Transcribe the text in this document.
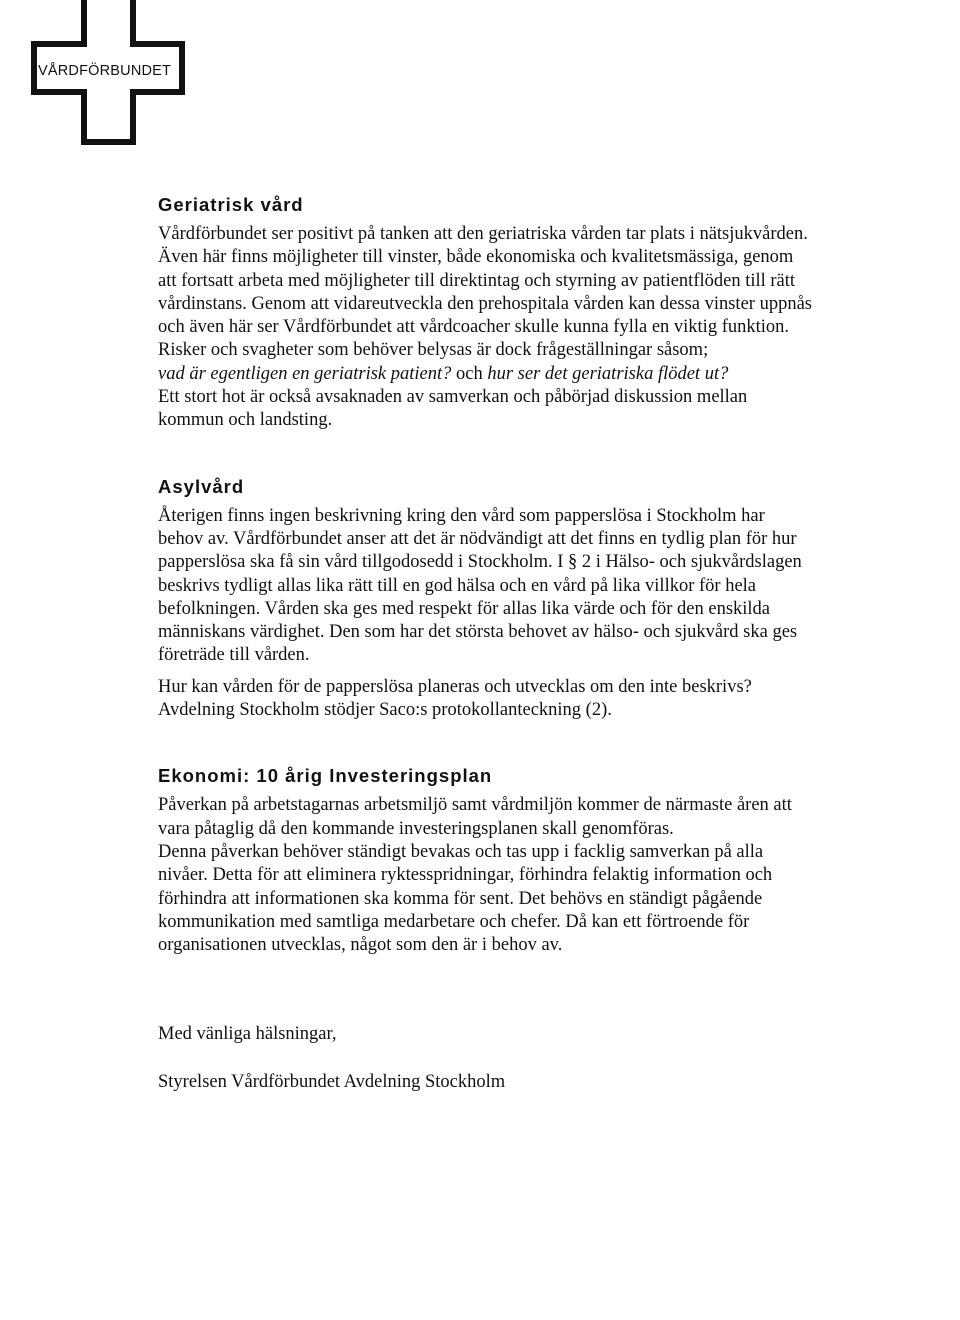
VÅRDFÖRBUNDET
Geriatrisk vård

Vårdförbundet ser positivt på tanken att den geriatriska vården tar plats i nätsjukvården.

Även här finns möjligheter till vinster, både ekonomiska och kvalitetsmässiga, genom

att fortsatt arbeta med möjligheter till direktintag och styrning av patientflöden till rätt

vårdinstans. Genom att vidareutveckla den prehospitala vården kan dessa vinster uppnås

och även här ser Vårdförbundet att vårdcoacher skulle kunna fylla en viktig funktion.

Risker och svagheter som behöver belysas är dock frågeställningar såsom;

vad är egentligen en geriatrisk patient? och hur ser det geriatriska flödet ut?

Ett stort hot är också avsaknaden av samverkan och påbörjad diskussion mellan

kommun och landsting.

Asylvård

Återigen finns ingen beskrivning kring den vård som papperslösa i Stockholm har

behov av. Vårdförbundet anser att det är nödvändigt att det finns en tydlig plan för hur

papperslösa ska få sin vård tillgodosedd i Stockholm. I § 2 i Hälso- och sjukvårdslagen

beskrivs tydligt allas lika rätt till en god hälsa och en vård på lika villkor för hela

befolkningen. Vården ska ges med respekt för allas lika värde och för den enskilda

människans värdighet. Den som har det största behovet av hälso- och sjukvård ska ges

företräde till vården.

Hur kan vården för de papperslösa planeras och utvecklas om den inte beskrivs?

Avdelning Stockholm stödjer Saco:s protokollanteckning (2).

Ekonomi: 10 årig Investeringsplan

Påverkan på arbetstagarnas arbetsmiljö samt vårdmiljön kommer de närmaste åren att

vara påtaglig då den kommande investeringsplanen skall genomföras.

Denna påverkan behöver ständigt bevakas och tas upp i facklig samverkan på alla

nivåer. Detta för att eliminera ryktesspridningar, förhindra felaktig information och

förhindra att informationen ska komma för sent. Det behövs en ständigt pågående

kommunikation med samtliga medarbetare och chefer. Då kan ett förtroende för

organisationen utvecklas, något som den är i behov av.

Med vänliga hälsningar,

Styrelsen Vårdförbundet Avdelning Stockholm
